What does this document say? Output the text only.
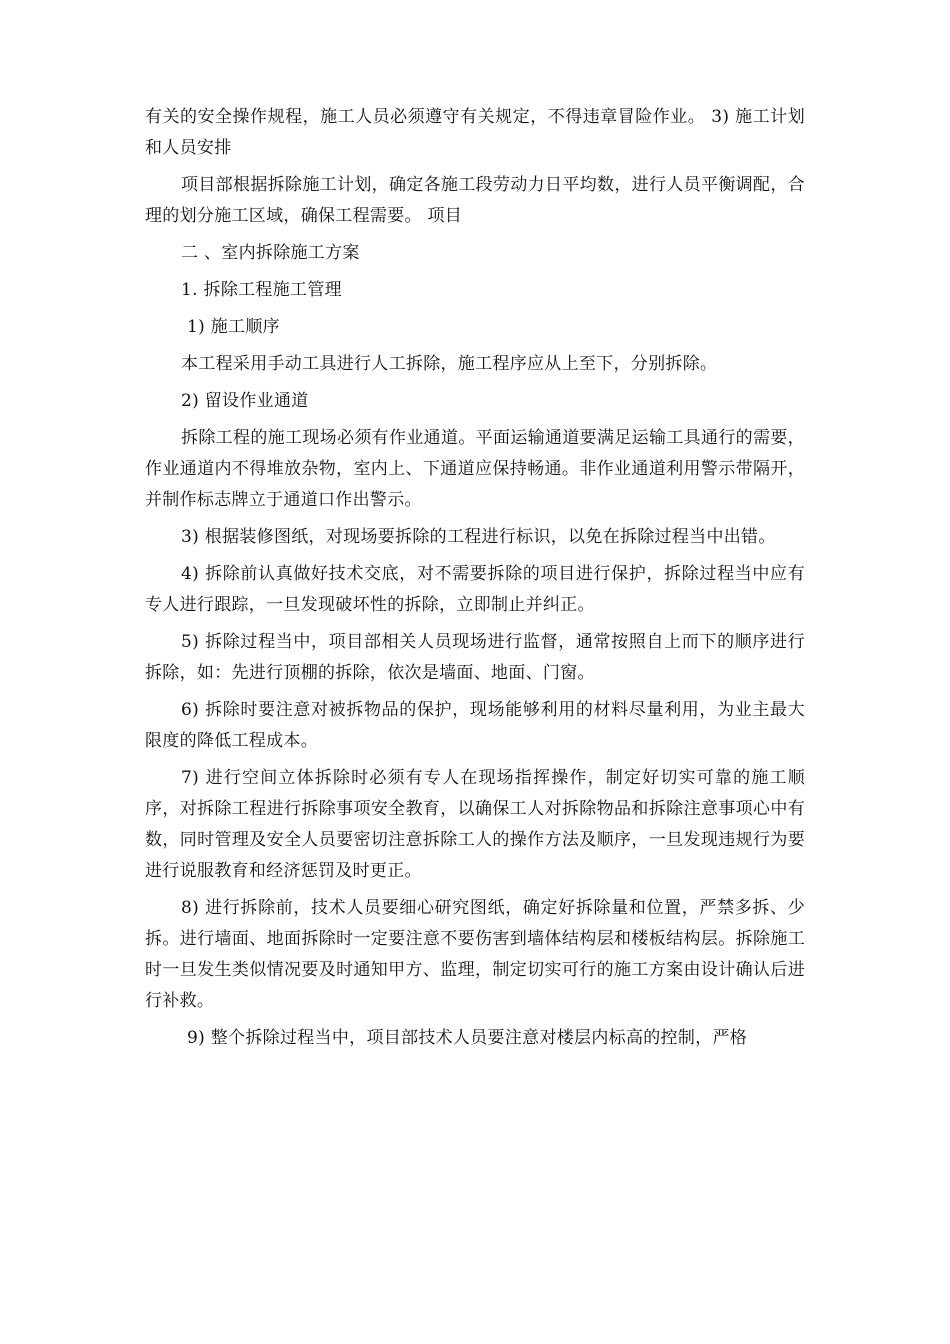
有关的安全操作规程，施工人员必须遵守有关规定，不得违章冒险作业。 3) 施工计划和人员安排

项目部根据拆除施工计划，确定各施工段劳动力日平均数，进行人员平衡调配，合理的划分施工区域，确保工程需要。 项目

二 、室内拆除施工方案

1. 拆除工程施工管理

1) 施工顺序

本工程采用手动工具进行人工拆除，施工程序应从上至下，分别拆除。

2) 留设作业通道

拆除工程的施工现场必须有作业通道。平面运输通道要满足运输工具通行的需要，作业通道内不得堆放杂物，室内上、下通道应保持畅通。非作业通道利用警示带隔开，并制作标志牌立于通道口作出警示。

3) 根据装修图纸，对现场要拆除的工程进行标识，以免在拆除过程当中出错。

4) 拆除前认真做好技术交底，对不需要拆除的项目进行保护，拆除过程当中应有专人进行跟踪，一旦发现破坏性的拆除，立即制止并纠正。

5) 拆除过程当中，项目部相关人员现场进行监督，通常按照自上而下的顺序进行拆除，如：先进行顶棚的拆除，依次是墙面、地面、门窗。

6) 拆除时要注意对被拆物品的保护，现场能够利用的材料尽量利用，为业主最大限度的降低工程成本。

7) 进行空间立体拆除时必须有专人在现场指挥操作，制定好切实可靠的施工顺序，对拆除工程进行拆除事项安全教育，以确保工人对拆除物品和拆除注意事项心中有数，同时管理及安全人员要密切注意拆除工人的操作方法及顺序，一旦发现违规行为要进行说服教育和经济惩罚及时更正。

8) 进行拆除前，技术人员要细心研究图纸，确定好拆除量和位置，严禁多拆、少拆。进行墙面、地面拆除时一定要注意不要伤害到墙体结构层和楼板结构层。拆除施工时一旦发生类似情况要及时通知甲方、监理，制定切实可行的施工方案由设计确认后进行补救。

9) 整个拆除过程当中，项目部技术人员要注意对楼层内标高的控制，严格
